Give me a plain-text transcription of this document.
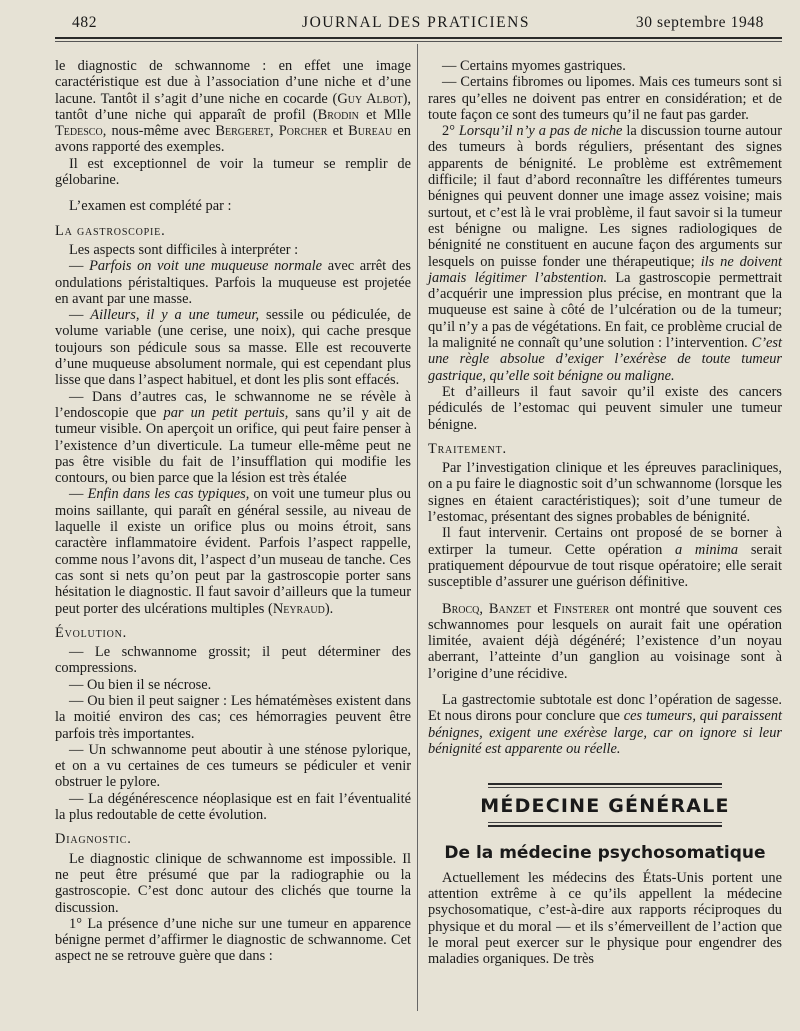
482	JOURNAL DES PRATICIENS	30 septembre 1948

le diagnostic de schwannome : en effet une image caractéristique est due à l’association d’une niche et d’une lacune. Tantôt il s’agit d’une niche en cocarde (Guy Albot), tantôt d’une niche qui apparaît de profil (Brodin et Mlle Tedesco, nous-même avec Bergeret, Porcher et Bureau en avons rapporté des exemples.

Il est exceptionnel de voir la tumeur se remplir de gélobarine.

L’examen est complété par :

La gastroscopie.

Les aspects sont difficiles à interpréter :

— Parfois on voit une muqueuse normale avec arrêt des ondulations péristaltiques. Parfois la muqueuse est projetée en avant par une masse.

— Ailleurs, il y a une tumeur, sessile ou pédiculée, de volume variable (une cerise, une noix), qui cache presque toujours son pédicule sous sa masse. Elle est recouverte d’une muqueuse absolument normale, qui est cependant plus lisse que dans l’aspect habituel, et dont les plis sont effacés.

— Dans d’autres cas, le schwannome ne se révèle à l’endoscopie que par un petit pertuis, sans qu’il y ait de tumeur visible. On aperçoit un orifice, qui peut faire penser à l’existence d’un diverticule. La tumeur elle-même peut ne pas être visible du fait de l’insufflation qui modifie les contours, ou bien parce que la lésion est très étalée

— Enfin dans les cas typiques, on voit une tumeur plus ou moins saillante, qui paraît en général sessile, au niveau de laquelle il existe un orifice plus ou moins étroit, sans caractère inflammatoire évident. Parfois l’aspect rappelle, comme nous l’avons dit, l’aspect d’un museau de tanche. Ces cas sont si nets qu’on peut par la gastroscopie porter sans hésitation le diagnostic. Il faut savoir d’ailleurs que la tumeur peut porter des ulcérations multiples (Neyraud).

Évolution.

— Le schwannome grossit; il peut déterminer des compressions.

— Ou bien il se nécrose.

— Ou bien il peut saigner : Les hématémèses existent dans la moitié environ des cas; ces hémorragies peuvent être parfois très importantes.

— Un schwannome peut aboutir à une sténose pylorique, et on a vu certaines de ces tumeurs se pédiculer et venir obstruer le pylore.

— La dégénérescence néoplasique est en fait l’éventualité la plus redoutable de cette évolution.

Diagnostic.

Le diagnostic clinique de schwannome est impossible. Il ne peut être présumé que par la radiographie ou la gastroscopie. C’est donc autour des clichés que tourne la discussion.

1° La présence d’une niche sur une tumeur en apparence bénigne permet d’affirmer le diagnostic de schwannome. Cet aspect ne se retrouve guère que dans :

— Certains myomes gastriques.

— Certains fibromes ou lipomes. Mais ces tumeurs sont si rares qu’elles ne doivent pas entrer en considération; et de toute façon ce sont des tumeurs qu’il ne faut pas garder.

2° Lorsqu’il n’y a pas de niche la discussion tourne autour des tumeurs à bords réguliers, présentant des signes apparents de bénignité. Le problème est extrêmement difficile; il faut d’abord reconnaître les différentes tumeurs bénignes qui peuvent donner une image assez voisine; mais surtout, et c’est là le vrai problème, il faut savoir si la tumeur est bénigne ou maligne. Les signes radiologiques de bénignité ne constituent en aucune façon des arguments sur lesquels on puisse fonder une thérapeutique; ils ne doivent jamais légitimer l’abstention. La gastroscopie permettrait d’acquérir une impression plus précise, en montrant que la muqueuse est saine à côté de l’ulcération ou de la tumeur; qu’il n’y a pas de végétations. En fait, ce problème crucial de la malignité ne connaît qu’une solution : l’intervention. C’est une règle absolue d’exiger l’exérèse de toute tumeur gastrique, qu’elle soit bénigne ou maligne.

Et d’ailleurs il faut savoir qu’il existe des cancers pédiculés de l’estomac qui peuvent simuler une tumeur bénigne.

Traitement.

Par l’investigation clinique et les épreuves paracliniques, on a pu faire le diagnostic soit d’un schwannome (lorsque les signes en étaient caractéristiques); soit d’une tumeur de l’estomac, présentant des signes probables de bénignité.

Il faut intervenir. Certains ont proposé de se borner à extirper la tumeur. Cette opération a minima serait pratiquement dépourvue de tout risque opératoire; elle serait susceptible d’assurer une guérison définitive.

Brocq, Banzet et Finsterer ont montré que souvent ces schwannomes pour lesquels on aurait fait une opération limitée, avaient déjà dégénéré; l’existence d’un noyau aberrant, l’atteinte d’un ganglion au voisinage sont à l’origine d’une récidive.

La gastrectomie subtotale est donc l’opération de sagesse. Et nous dirons pour conclure que ces tumeurs, qui paraissent bénignes, exigent une exérèse large, car on ignore si leur bénignité est apparente ou réelle.

MÉDECINE GÉNÉRALE
De la médecine psychosomatique

Actuellement les médecins des États-Unis portent une attention extrême à ce qu’ils appellent la médecine psychosomatique, c’est-à-dire aux rapports réciproques du physique et du moral — et ils s’émerveillent de l’action que le moral peut exercer sur le physique pour engendrer des maladies organiques. De très
